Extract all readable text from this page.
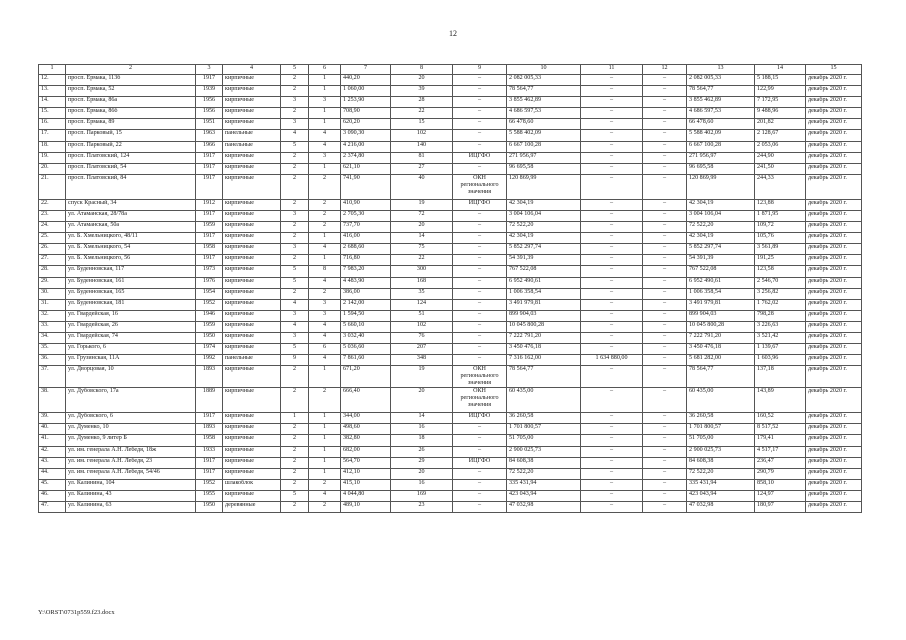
12
1	2	3	4	5	6	7	8	9	10	11	12	13	14	15
12.	просп. Ермака, 113б	1917	кирпичные	2	1	440,20	20	–	2 082 005,33	–	–	2 082 005,33	5 188,15	декабрь 2020 г.
13.	просп. Ермака, 52	1939	кирпичные	2	1	1 060,00	39	–	78 564,77	–	–	78 564,77	122,99	декабрь 2020 г.
14.	просп. Ермака, 86а	1956	кирпичные	3	3	1 253,90	28	–	3 855 462,89	–	–	3 855 462,89	7 172,95	декабрь 2020 г.
15.	просп. Ермака, 86б	1956	кирпичные	2	1	708,90	22	–	4 686 597,53	–	–	4 686 597,53	9 488,96	декабрь 2020 г.
16.	просп. Ермака, 89	1951	кирпичные	3	1	620,20	15	–	66 478,60	–	–	66 478,60	201,82	декабрь 2020 г.
17.	просп. Парковый, 15	1963	панельные	4	4	3 090,30	102	–	5 588 402,09	–	–	5 588 402,09	2 128,67	декабрь 2020 г.
18.	просп. Парковый, 22	1966	панельные	5	4	4 216,00	140	–	6 667 100,28	–	–	6 667 100,28	2 053,06	декабрь 2020 г.
19.	просп. Платовский, 124	1917	кирпичные	2	3	2 374,80	81	ИЦГФО	271 956,97	–	–	271 956,97	244,90	декабрь 2020 г.
20.	просп. Платовский, 54	1917	кирпичные	2	1	621,10	27	–	96 695,58	–	–	96 695,58	241,50	декабрь 2020 г.
21.	просп. Платовский, 84	1917	кирпичные	2	2	741,90	40	ОКН регионального значения	120 869,99	–	–	120 869,99	244,33	декабрь 2020 г.
22.	спуск Красный, 34	1912	кирпичные	2	2	410,90	19	ИЦГФО	42 304,19	–	–	42 304,19	123,88	декабрь 2020 г.
23.	ул. Атаманская, 28/78а	1917	кирпичные	3	2	2 705,30	72	–	3 004 106,04	–	–	3 004 106,04	1 871,95	декабрь 2020 г.
24.	ул. Атаманская, 50а	1959	кирпичные	2	2	737,70	20	–	72 522,20	–	–	72 522,20	109,72	декабрь 2020 г.
25.	ул. Б. Хмельницкого, 48/11	1917	кирпичные	2	1	416,00	14	–	42 304,19	–	–	42 304,19	105,76	декабрь 2020 г.
26.	ул. Б. Хмельницкого, 54	1958	кирпичные	3	4	2 688,60	75	–	5 852 297,74	–	–	5 852 297,74	3 561,89	декабрь 2020 г.
27.	ул. Б. Хмельницкого, 56	1917	кирпичные	2	1	716,80	22	–	54 391,39	–	–	54 391,39	191,25	декабрь 2020 г.
28.	ул. Буденновская, 117	1973	кирпичные	5	8	7 983,20	300	–	767 522,08	–	–	767 522,08	123,58	декабрь 2020 г.
29.	ул. Буденновская, 161	1976	кирпичные	5	4	4 483,90	168	–	6 952 490,61	–	–	6 952 490,61	2 546,70	декабрь 2020 г.
30.	ул. Буденновская, 165	1954	кирпичные	2	2	386,00	35	–	1 006 358,54	–	–	1 006 358,54	3 256,82	декабрь 2020 г.
31.	ул. Буденновская, 181	1952	кирпичные	4	3	2 142,00	124	–	3 491 979,81	–	–	3 491 979,81	1 762,02	декабрь 2020 г.
32.	ул. Гвардейская, 16	1946	кирпичные	3	3	1 594,50	51	–	899 904,03	–	–	899 904,03	798,28	декабрь 2020 г.
33.	ул. Гвардейская, 26	1959	кирпичные	4	4	5 660,10	102	–	10 045 800,28	–	–	10 045 800,28	3 226,63	декабрь 2020 г.
34.	ул. Гвардейская, 74	1950	кирпичные	3	4	3 032,40	76	–	7 222 791,20	–	–	7 222 791,20	3 521,42	декабрь 2020 г.
35.	ул. Горького, 6	1974	кирпичные	5	6	5 036,60	207	–	3 450 476,18	–	–	3 450 476,18	1 139,67	декабрь 2020 г.
36.	ул. Грузинская, 11А	1992	панельные	9	4	7 861,60	348	–	7 316 162,00	1 634 880,00	–	5 681 282,00	1 603,96	декабрь 2020 г.
37.	ул. Дворцовая, 10	1893	кирпичные	2	1	671,20	19	ОКН регионального значения	78 564,77	–	–	78 564,77	137,18	декабрь 2020 г.
38.	ул. Дубовского, 17а	1889	кирпичные	2	2	666,40	20	ОКН регионального значения	60 435,00	–	–	60 435,00	143,89	декабрь 2020 г.
39.	ул. Дубовского, 6	1917	кирпичные	1	1	344,00	14	ИЦГФО	36 260,58	–	–	36 260,58	160,52	декабрь 2020 г.
40.	ул. Думенко, 10	1893	кирпичные	2	1	498,60	16	–	1 701 800,57	–	–	1 701 800,57	8 517,52	декабрь 2020 г.
41.	ул. Думенко, 9 литер Б	1958	кирпичные	2	1	382,80	18	–	51 705,00	–	–	51 705,00	179,41	декабрь 2020 г.
42.	ул. им. генерала А.Н. Лебедя, 18ж	1933	кирпичные	2	1	682,00	26	–	2 900 025,73	–	–	2 900 025,73	4 517,17	декабрь 2020 г.
43.	ул. им. генерала А.Н. Лебедя, 23	1917	кирпичные	2	1	564,70	29	ИЦГФО	84 608,38	–	–	84 608,38	236,47	декабрь 2020 г.
44.	ул. им. генерала А.Н. Лебедя, 54/46	1917	кирпичные	2	1	412,10	20	–	72 522,20	–	–	72 522,20	290,79	декабрь 2020 г.
45.	ул. Калинина, 104	1952	шлакоблок	2	2	415,10	16	–	335 431,94	–	–	335 431,94	858,10	декабрь 2020 г.
46.	ул. Калинина, 43	1955	кирпичные	5	4	4 044,80	169	–	423 043,94	–	–	423 043,94	124,97	декабрь 2020 г.
47.	ул. Калинина, 63	1950	деревянные	2	2	489,10	23	–	47 032,98	–	–	47 032,98	180,97	декабрь 2020 г.
Y:\ORST\0731p559.f23.docx
